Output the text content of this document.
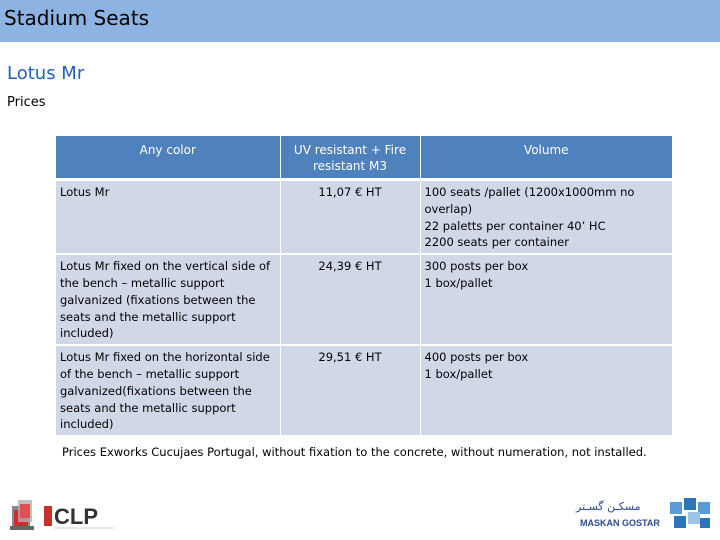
Stadium Seats
Lotus Mr
Prices
Any color	UV resistant + Fire resistant M3	Volume
Lotus Mr	11,07 € HT	100 seats /pallet (1200x1000mm no overlap)
22 paletts per container 40’ HC
2200 seats per container

Lotus Mr fixed on the vertical side of the bench – metallic support galvanized (fixations between the seats and the metallic support included)	24,39 € HT	300 posts per box
1 box/pallet

Lotus Mr fixed on the horizontal side of the bench – metallic support galvanized(fixations between the seats and the metallic support included)	29,51 € HT	400 posts per box
1 box/pallet
Prices Exworks Cucujaes Portugal, without fixation to the concrete, without numeration, not installed.
CLP	مسکـن گسـتر
MASKAN GOSTAR
